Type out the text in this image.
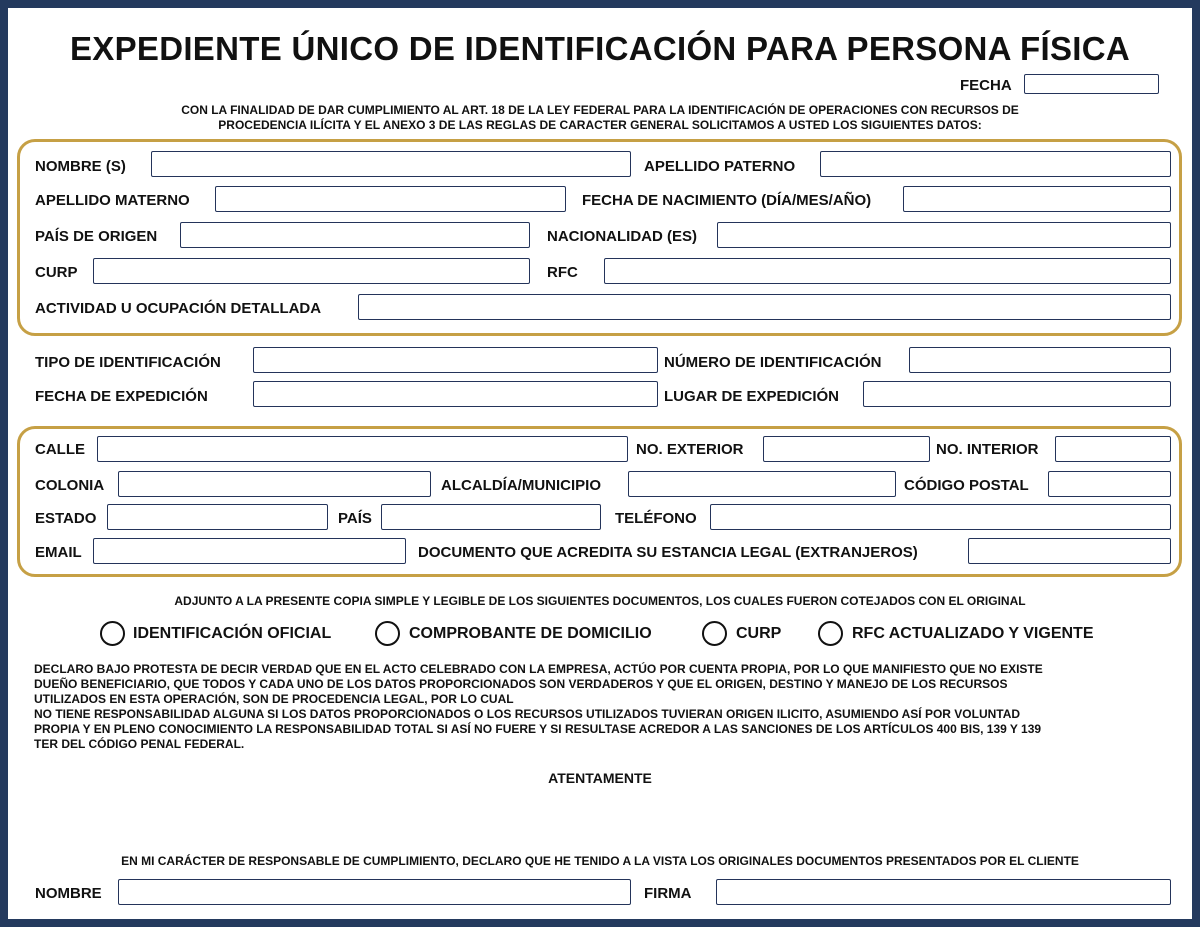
EXPEDIENTE ÚNICO DE IDENTIFICACIÓN PARA PERSONA FÍSICA
FECHA
CON LA FINALIDAD DE DAR CUMPLIMIENTO AL ART. 18 DE LA LEY FEDERAL PARA LA IDENTIFICACIÓN DE OPERACIONES CON RECURSOS DE
PROCEDENCIA ILÍCITA Y EL ANEXO 3 DE LAS REGLAS DE CARACTER GENERAL SOLICITAMOS A USTED LOS SIGUIENTES DATOS:
NOMBRE (S)	APELLIDO PATERNO
APELLIDO MATERNO	FECHA DE NACIMIENTO (DÍA/MES/AÑO)
PAÍS DE ORIGEN	NACIONALIDAD (ES)
CURP	RFC
ACTIVIDAD U OCUPACIÓN DETALLADA
TIPO DE IDENTIFICACIÓN	NÚMERO DE IDENTIFICACIÓN
FECHA DE EXPEDICIÓN	LUGAR DE EXPEDICIÓN
CALLE	NO. EXTERIOR	NO. INTERIOR
COLONIA	ALCALDÍA/MUNICIPIO	CÓDIGO POSTAL
ESTADO	PAÍS	TELÉFONO
EMAIL	DOCUMENTO QUE ACREDITA SU ESTANCIA LEGAL (EXTRANJEROS)
ADJUNTO A LA PRESENTE COPIA SIMPLE Y LEGIBLE DE LOS SIGUIENTES DOCUMENTOS, LOS CUALES FUERON COTEJADOS CON EL ORIGINAL
IDENTIFICACIÓN OFICIAL	COMPROBANTE DE DOMICILIO	CURP	RFC ACTUALIZADO Y VIGENTE
DECLARO BAJO PROTESTA DE DECIR VERDAD QUE EN EL ACTO CELEBRADO CON LA EMPRESA, ACTÚO POR CUENTA PROPIA, POR LO QUE MANIFIESTO QUE NO EXISTE
DUEÑO BENEFICIARIO, QUE TODOS Y CADA UNO DE LOS DATOS PROPORCIONADOS SON VERDADEROS Y QUE EL ORIGEN, DESTINO Y MANEJO DE LOS RECURSOS
UTILIZADOS EN ESTA OPERACIÓN, SON DE PROCEDENCIA LEGAL, POR LO CUAL
NO TIENE RESPONSABILIDAD ALGUNA SI LOS DATOS PROPORCIONADOS O LOS RECURSOS UTILIZADOS TUVIERAN ORIGEN ILICITO, ASUMIENDO ASÍ POR VOLUNTAD
PROPIA Y EN PLENO CONOCIMIENTO LA RESPONSABILIDAD TOTAL SI ASÍ NO FUERE Y SI RESULTASE ACREDOR A LAS SANCIONES DE LOS ARTÍCULOS 400 BIS, 139 Y 139
TER DEL CÓDIGO PENAL FEDERAL.
ATENTAMENTE
EN MI CARÁCTER DE RESPONSABLE DE CUMPLIMIENTO, DECLARO QUE HE TENIDO A LA VISTA LOS ORIGINALES DOCUMENTOS PRESENTADOS POR EL CLIENTE
NOMBRE	FIRMA
